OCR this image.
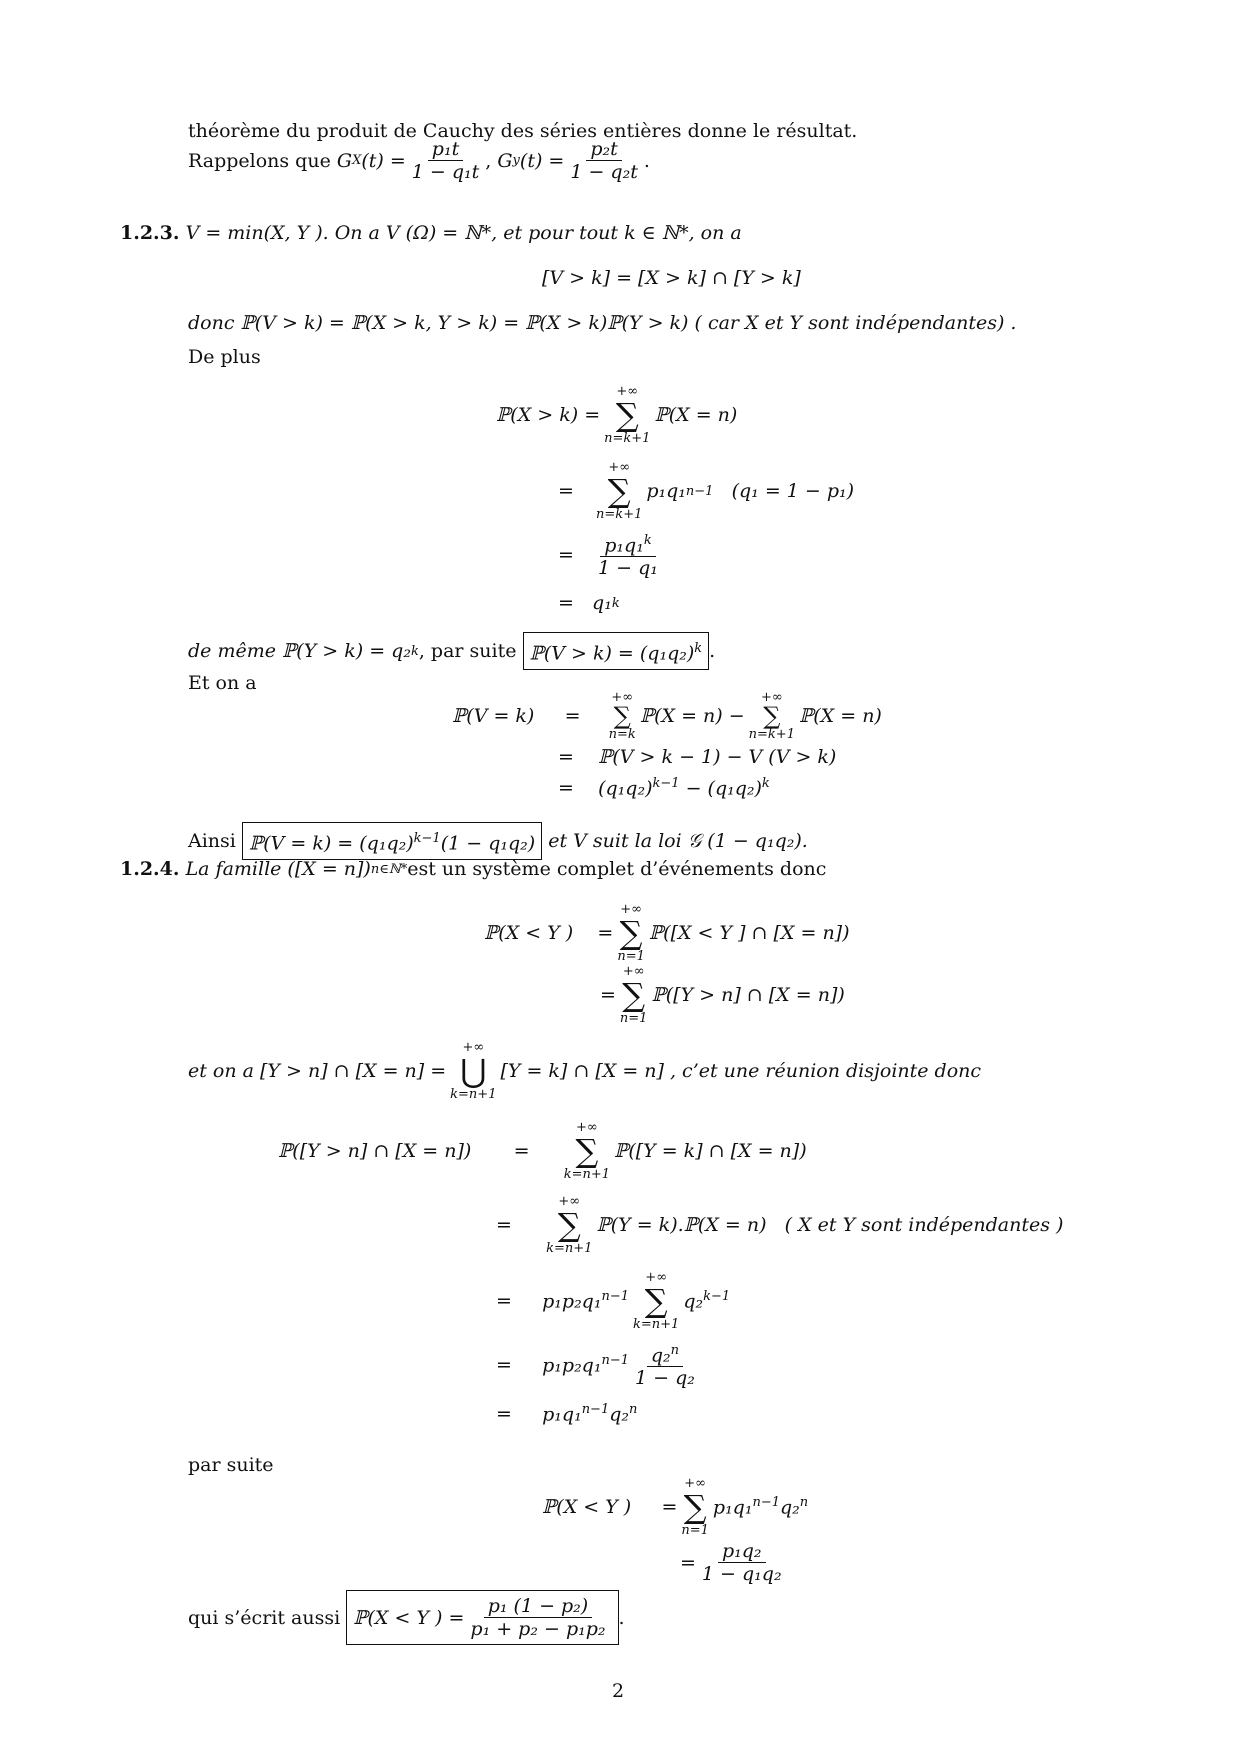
théorème du produit de Cauchy des séries entières donne le résultat.
Rappelons que
G X $(t) = \frac{\text{p₁t}}{\text{1 − q₁t}}$ ,
G y $(t) = \frac{\text{p₂t}}{\text{1 − q₂t}}$ .
1.2.3. V = min(X, Y ). On a V (Ω) = ℕ*, et pour tout k ∈ ℕ*, on a
[V > k] = [X > k] ∩ [Y > k]
donc ℙ(V > k) = ℙ(X > k, Y > k) = ℙ(X > k)ℙ(Y > k) ( car X et Y sont indépendantes) .
De plus
ℙ(X > k) =
+∞
∑
n=k+1
ℙ(X = n)
=

+∞
∑
n=k+1
p₁q₁ n−1
(q₁ = 1 − p₁)
=
$\frac{p_1q_1^k}{\text{1 − q₁}}$
=
q₁ k
de même ℙ(Y > k) = q₂ k , par suite
ℙ(V > $k) = (q_1q_2)^k$ .
Et on a
ℙ(V = k)
=

+∞
∑
n=k
ℙ(X = n) −
+∞
∑
n=k+1
ℙ(X = n)
=
ℙ(V > k − 1) − V (V > k)
=
$(q_1q_2)^{k-1} - (q_1q_2)^k$
Ainsi
ℙ(V = $k) = (q_1q_2)^{k-1}(1 - q_1q_2)$
et V suit la loi 𝒢 (1 − q₁q₂).
1.2.4.
La famille ([X = n]) n∈ℕ* est un système complet d’événements donc
ℙ(X < Y )
=
+∞
∑
n=1
ℙ([X < Y ] ∩ [X = n])
=
+∞
∑
n=1
ℙ([Y > n] ∩ [X = n])
et on a [Y > n] ∩ [X = n] =
+∞
⋃
k=n+1
[Y = k] ∩ [X = n] , c’et une réunion disjointe donc
ℙ([Y > n] ∩ [X = n])
=

+∞
∑
k=n+1
ℙ([Y = k] ∩ [X = n])
=

+∞
∑
k=n+1
ℙ(Y = k).ℙ(X = n)
( X et Y sont indépendantes )
=
p₁p₂q₁$^{n-1}$
+∞
∑
k=n+1
q₂$^{k-1}$
=
$p_1p_2q_1^{n-1} \frac{q_2^n}{\text{1 − q₂}}$
=
p₁q₁$^{n-1}$q₂$^n$
par suite
ℙ(X < Y )
=
+∞
∑
n=1
p₁q₁$^{n-1}$q₂$^n$
= $\frac{\text{p₁q₂}}{\text{1 − q₁q₂}}$
qui s’écrit aussi
ℙ(X < Y ) = $\frac{\text{p₁ (1 − p₂)}}{\text{p₁ + p₂ − p₁p₂}}$ .
2
